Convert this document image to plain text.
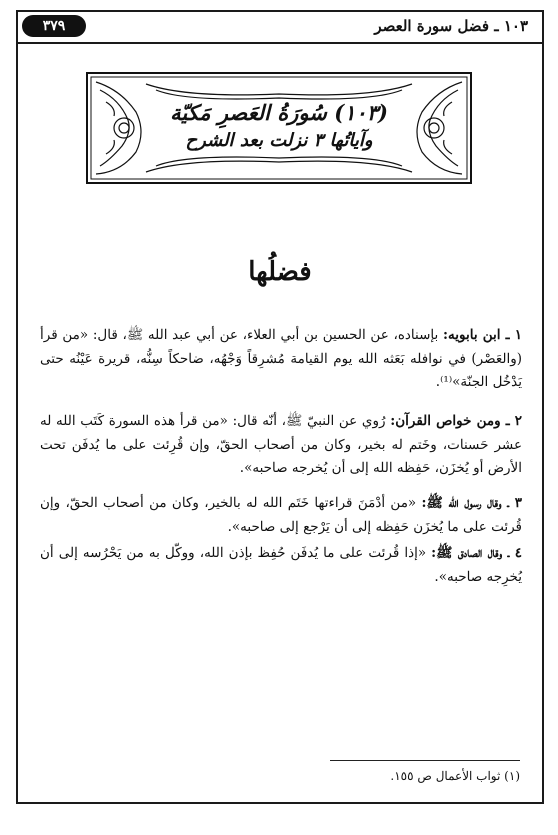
٣٧٩	١٠٣ ـ فضل سورة العصر
(١٠٣) سُورَةُ العَصرِ مَكيّة
وآياتُها ٣ نزلت بعد الشرح
فضلُها
١ ـ ابن بابويه: بإسناده، عن الحسين بن أبي العلاء، عن أبي عبد الله ﷺ، قال: «من قرأ (والعَصْر) في نوافله بَعَثه الله يوم القيامة مُشرِقاً وَجْهُه، ضاحكاً سِنُّه، قريرة عَيْنُه حتى يَدْخُل الجنّة»⁽¹⁾.
٢ ـ ومن خواص القرآن: رُوي عن النبيّ ﷺ، أنّه قال: «من قرأ هذه السورة كَتَب الله له عشر حَسنات، وخَتم له بخير، وكان من أصحاب الحقّ، وإن قُرِئت على ما يُدفَن تحت الأرض أو يُخزَن، حَفِظه الله إلى أن يُخرجه صاحبه».
٣ ـ وقال رسول الله ﷺ: «من أدْمَنَ قراءتها خَتَم الله له بالخير، وكان من أصحاب الحقّ، وإن قُرئت على ما يُخزَن حَفِظه إلى أن يَرْجع إلى صاحبه».
٤ ـ وقال الصادق ﷺ: «إذا قُرئت على ما يُدفَن حُفِظ بإذن الله، ووكّل به من يَحْرُسه إلى أن يُخرِجه صاحبه».
(١) ثواب الأعمال ص ١٥٥.
